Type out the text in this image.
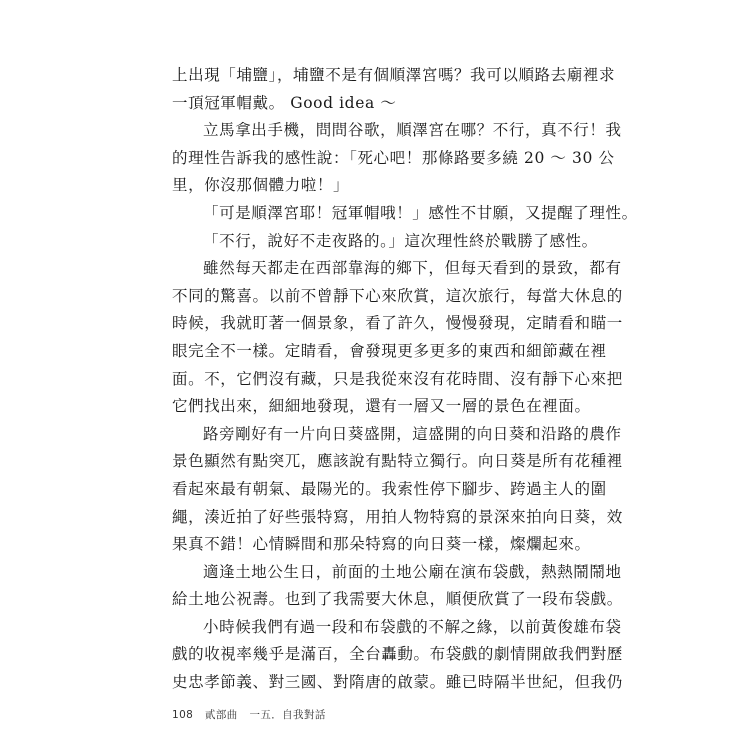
上出現「埔鹽」，埔鹽不是有個順澤宮嗎？我可以順路去廟裡求

一頂冠軍帽戴。 Good idea ～

立馬拿出手機，問問谷歌，順澤宮在哪？不行，真不行！我

的理性告訴我的感性說：「死心吧！那條路要多繞 20 ～ 30 公

里，你沒那個體力啦！」

「可是順澤宮耶！冠軍帽哦！」感性不甘願，又提醒了理性。

「不行，說好不走夜路的。」這次理性終於戰勝了感性。

雖然每天都走在西部靠海的鄉下，但每天看到的景致，都有

不同的驚喜。以前不曾靜下心來欣賞，這次旅行，每當大休息的

時候，我就盯著一個景象，看了許久，慢慢發現，定睛看和瞄一

眼完全不一樣。定睛看，會發現更多更多的東西和細節藏在裡

面。不，它們沒有藏，只是我從來沒有花時間、沒有靜下心來把

它們找出來，細細地發現，還有一層又一層的景色在裡面。

路旁剛好有一片向日葵盛開，這盛開的向日葵和沿路的農作

景色顯然有點突兀，應該說有點特立獨行。向日葵是所有花種裡

看起來最有朝氣、最陽光的。我索性停下腳步、跨過主人的圍

繩，湊近拍了好些張特寫，用拍人物特寫的景深來拍向日葵，效

果真不錯！心情瞬間和那朵特寫的向日葵一樣，燦爛起來。

適逢土地公生日，前面的土地公廟在演布袋戲，熱熱鬧鬧地

給土地公祝壽。也到了我需要大休息，順便欣賞了一段布袋戲。

小時候我們有過一段和布袋戲的不解之緣，以前黃俊雄布袋

戲的收視率幾乎是滿百，全台轟動。布袋戲的劇情開啟我們對歷

史忠孝節義、對三國、對隋唐的啟蒙。雖已時隔半世紀，但我仍

108 貳部曲 一五．自我對話
